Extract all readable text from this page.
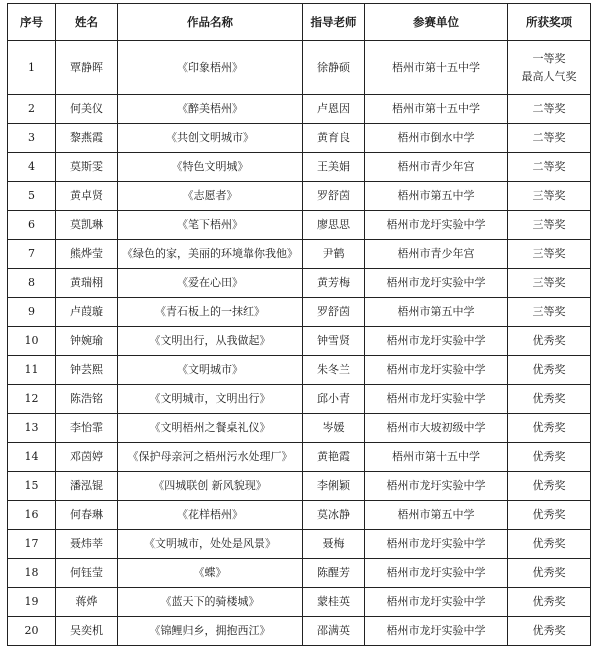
序号	姓名	作品名称	指导老师	参赛单位	所获奖项
1	覃静晖	《印象梧州》	徐静硕	梧州市第十五中学	一等奖
最高人气奖

2	何美仪	《醉美梧州》	卢恩因	梧州市第十五中学	二等奖
3	黎燕霞	《共创文明城市》	黄育良	梧州市倒水中学	二等奖
4	莫斯雯	《特色文明城》	王美娟	梧州市青少年宫	二等奖
5	黄卓贤	《志愿者》	罗舒茵	梧州市第五中学	三等奖
6	莫凯琳	《笔下梧州》	廖思思	梧州市龙圩实验中学	三等奖
7	熊烨莹	《绿色的家，美丽的环境靠你我他》	尹鹤	梧州市青少年宫	三等奖
8	黄瑞栩	《爱在心田》	黄芳梅	梧州市龙圩实验中学	三等奖
9	卢葭璇	《青石板上的一抹红》	罗舒茵	梧州市第五中学	三等奖
10	钟婉瑜	《文明出行，从我做起》	钟雪贤	梧州市龙圩实验中学	优秀奖
11	钟芸熙	《文明城市》	朱冬兰	梧州市龙圩实验中学	优秀奖
12	陈浩铭	《文明城市，文明出行》	邱小青	梧州市龙圩实验中学	优秀奖
13	李怡霏	《文明梧州之餐桌礼仪》	岑媛	梧州市大坡初级中学	优秀奖
14	邓茵婷	《保护母亲河之梧州污水处理厂》	黄艳霞	梧州市第十五中学	优秀奖
15	潘泓锟	《四城联创 新风貌现》	李俐颖	梧州市龙圩实验中学	优秀奖
16	何春琳	《花样梧州》	莫冰静	梧州市第五中学	优秀奖
17	聂炜莘	《文明城市，处处是风景》	聂梅	梧州市龙圩实验中学	优秀奖
18	何钰莹	《蝶》	陈醒芳	梧州市龙圩实验中学	优秀奖
19	蒋烨	《蓝天下的骑楼城》	蒙桂英	梧州市龙圩实验中学	优秀奖
20	吴奕机	《锦鲤归乡，拥抱西江》	邵满英	梧州市龙圩实验中学	优秀奖
